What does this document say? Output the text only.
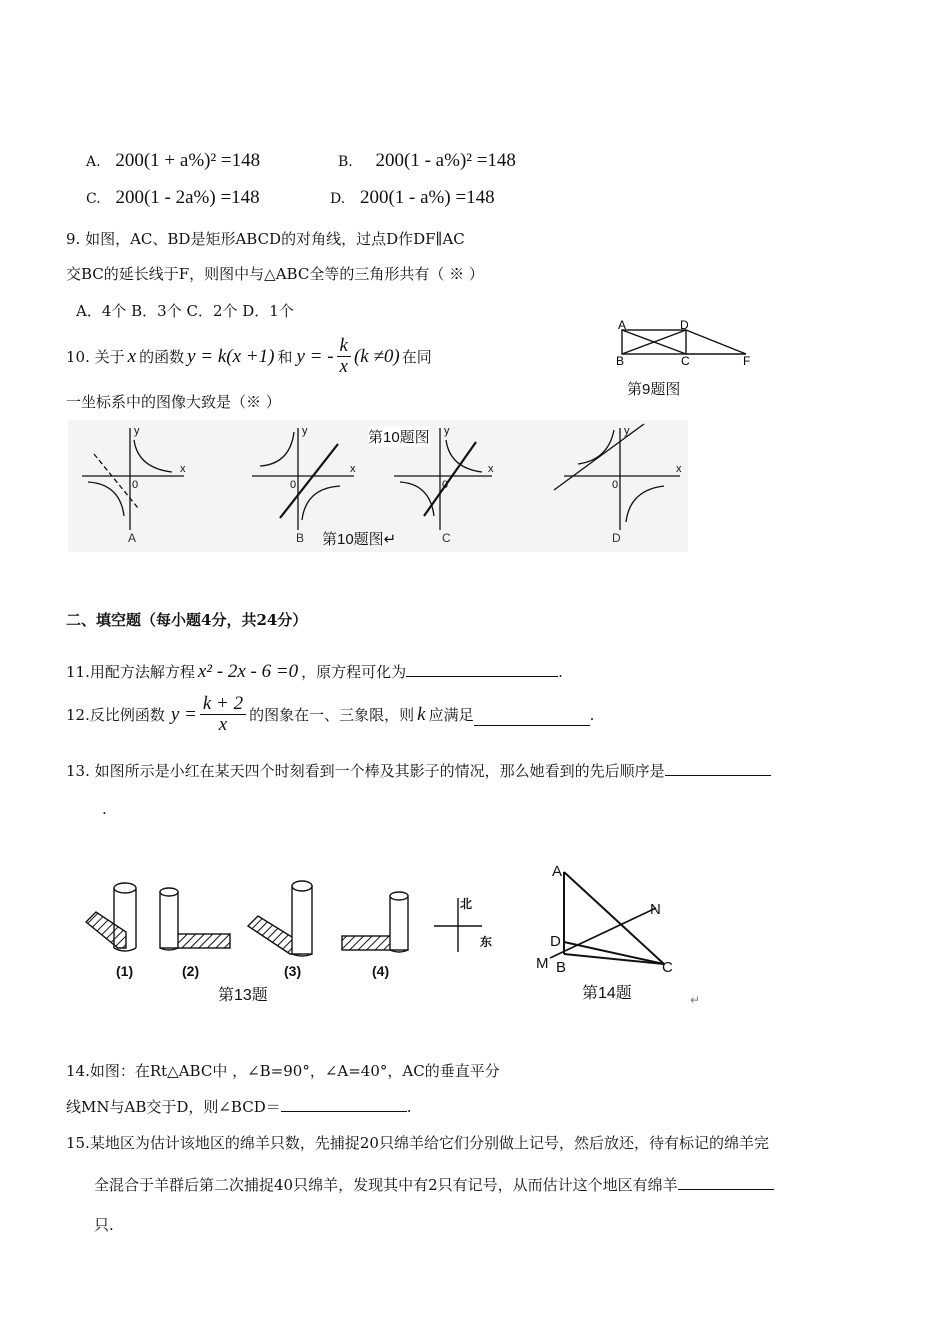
A. 200(1 + a%)² =148	B. 200(1 - a%)² =148
C. 200(1 - 2a%) =148	D. 200(1 - a%) =148
9. 如图，AC、BD是矩形ABCD的对角线，过点D作DF∥AC
交BC的延长线于F，则图中与△ABC全等的三角形共有（ ※ ）
A．4个 B．3个 C．2个 D．1个
A	D
B	C	F
第9题图
10. 关于 x 的函数 y = k(x +1) 和 y = - $\frac{k}{x} (k \ne 0)$ 在同
一坐标系中的图像大致是（※ ）
第10题图
y
x
0
y
x
0
y
x
0
y
x
0
A	B	C	D
第10题图↵
二、填空题（每小题4分，共24分）
11.用配方法解方程 x² - 2x - 6 =0 ，原方程可化为	.
12.反比例函数 $y = \frac{k + 2}{x}$ 的图象在一、三象限，则 k 应满足	.
13. 如图所示是小红在某天四个时刻看到一个棒及其影子的情况，那么她看到的先后顺序是
.
(1)	(2)	(3)	(4)
北
东
第13题
A
N
D
M B	C
第14题	↵
14.如图：在Rt△ABC中 ，∠B=90°，∠A=40°，AC的垂直平分
线MN与AB交于D，则∠BCD＝	.
15.某地区为估计该地区的绵羊只数，先捕捉20只绵羊给它们分别做上记号，然后放还，待有标记的绵羊完
全混合于羊群后第二次捕捉40只绵羊，发现其中有2只有记号，从而估计这个地区有绵羊
只.
